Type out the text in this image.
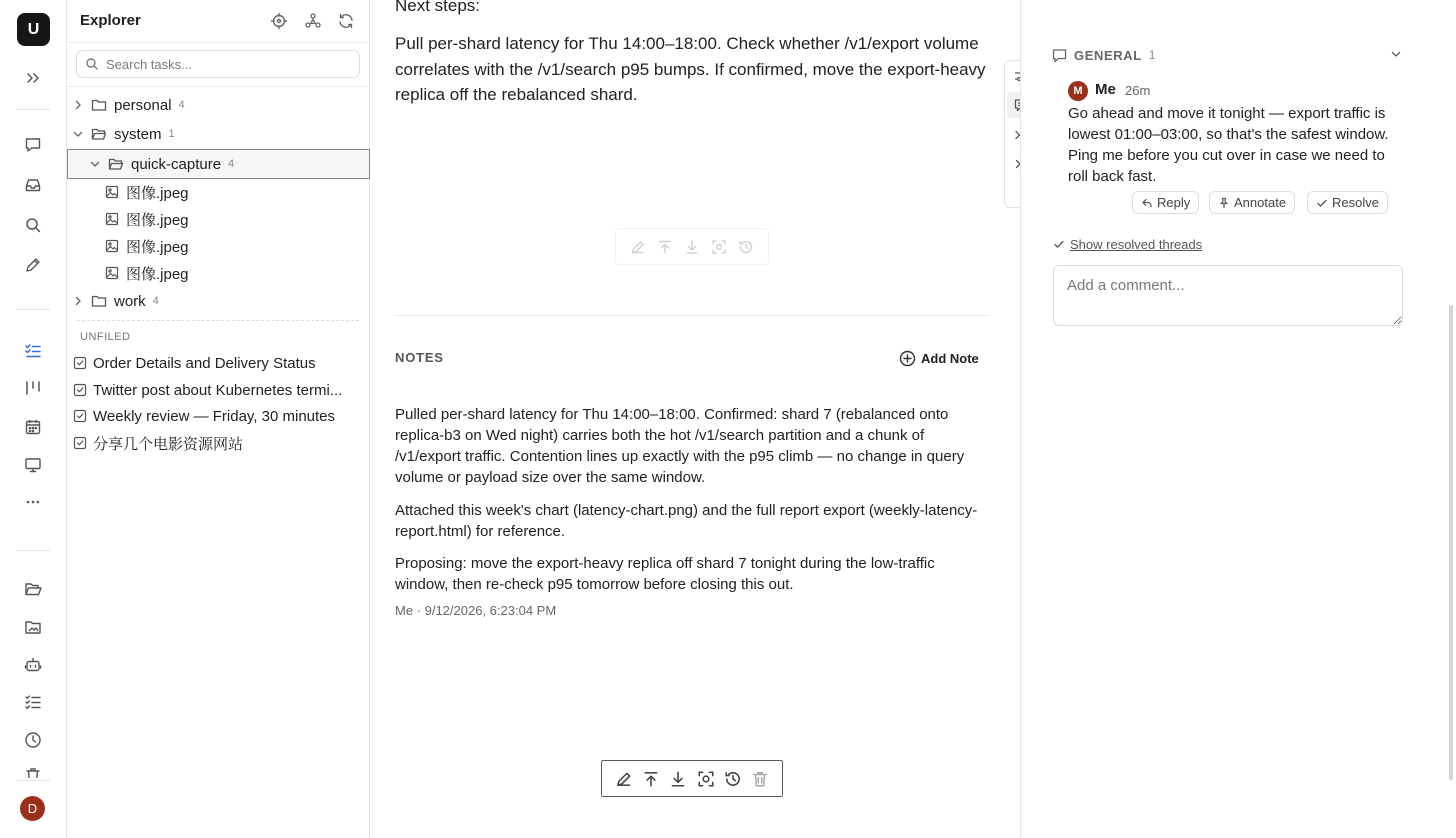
U
D
Explorer
Search tasks...
personal 4
system 1
quick-capture 4
图像.jpeg
图像.jpeg
图像.jpeg
图像.jpeg
work 4
UNFILED
Order Details and Delivery Status
Twitter post about Kubernetes termi...
Weekly review — Friday, 30 minutes
分享几个电影资源网站
Next steps:
Pull per-shard latency for Thu 14:00–18:00. Check whether /v1/export volume correlates with the /v1/search p95 bumps. If confirmed, move the export-heavy replica off the rebalanced shard.
NOTES	Add Note
Pulled per-shard latency for Thu 14:00–18:00. Confirmed: shard 7 (rebalanced onto replica-b3 on Wed night) carries both the hot /v1/search partition and a chunk of /v1/export traffic. Contention lines up exactly with the p95 climb — no change in query volume or payload size over the same window.
Attached this week's chart (latency-chart.png) and the full report export (weekly-latency-report.html) for reference.
Proposing: move the export-heavy replica off shard 7 tonight during the low-traffic window, then re-check p95 tomorrow before closing this out.
Me · 9/12/2026, 6:23:04 PM
GENERAL 1
M Me 26m
Go ahead and move it tonight — export traffic is lowest 01:00–03:00, so that's the safest window. Ping me before you cut over in case we need to roll back fast.
Reply	Annotate	Resolve
Show resolved threads
Add a comment...
